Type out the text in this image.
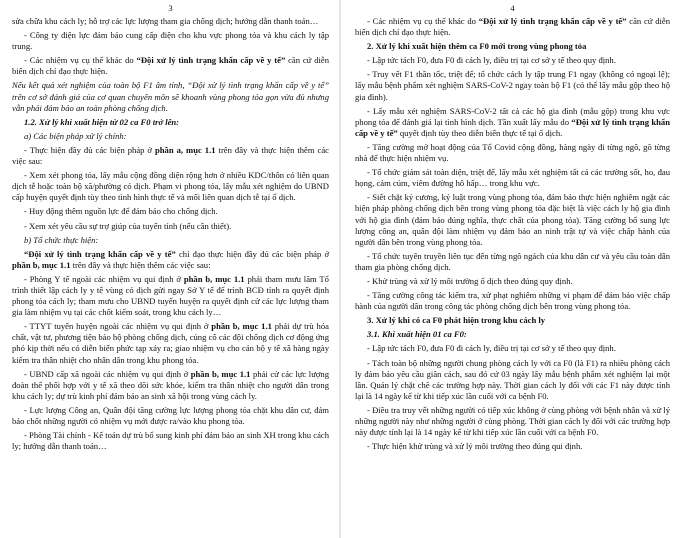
3

sửa chữa khu cách ly; hỗ trợ các lực lượng tham gia chống dịch; hướng dẫn thanh toán…

- Công ty điện lực đảm bảo cung cấp điện cho khu vực phong tỏa và khu cách ly tập trung.

- Các nhiệm vụ cụ thể khác do “Đội xử lý tình trạng khẩn cấp về y tế” căn cứ diễn biến dịch chỉ đạo thực hiện.

Nếu kết quả xét nghiệm của toàn bộ F1 âm tính, “Đội xử lý tình trạng khẩn cấp về y tế” trên cơ sở đánh giá của cơ quan chuyên môn sẽ khoanh vùng phong tỏa gọn vừa đủ nhưng vẫn phải đảm bảo an toàn phòng chống dịch.

1.2. Xử lý khi xuất hiện từ 02 ca F0 trở lên:

a) Các biện pháp xử lý chính:

- Thực hiện đầy đủ các biện pháp ở phần a, mục 1.1 trên đây và thực hiện thêm các việc sau:

- Xem xét phong tỏa, lấy mẫu cộng đồng diện rộng hơn ở nhiều KDC/thôn có liên quan dịch tễ hoặc toàn bộ xã/phường có dịch. Phạm vi phong tỏa, lấy mẫu xét nghiệm do UBND cấp huyện quyết định tùy theo tình hình thực tế và mối liên quan dịch tễ tại ổ dịch.

- Huy động thêm nguồn lực để đảm bảo cho chống dịch.

- Xem xét yêu cầu sự trợ giúp của tuyến tỉnh (nếu cần thiết).

b) Tổ chức thực hiện:

“Đội xử lý tình trạng khẩn cấp về y tế” chỉ đạo thực hiện đầy đủ các biện pháp ở phần b, mục 1.1 trên đây và thực hiện thêm các việc sau:

- Phòng Y tế ngoài các nhiệm vụ qui định ở phần b, mục 1.1 phải tham mưu lãm Tổ trình thiết lập cách ly y tế vùng có dịch gửi ngay Sở Y tế để trình BCĐ tỉnh ra quyết định phong tỏa cách ly; tham mưu cho UBND tuyến huyện ra quyết định cử các lực lượng tham gia làm nhiệm vụ tại các chốt kiểm soát, trong khu cách ly…

- TTYT tuyến huyện ngoài các nhiệm vụ qui định ở phần b, mục 1.1 phải dự trù hóa chất, vật tư, phương tiện bảo hộ phòng chống dịch, củng cố các đội chống dịch cơ động ứng phó kịp thời nếu có diễn biến phức tạp xảy ra; giao nhiệm vụ cho cán bộ y tế xã hàng ngày kiểm tra thân nhiệt cho nhân dân trong khu phong tỏa.

- UBND cấp xã ngoài các nhiệm vụ qui định ở phần b, mục 1.1 phải cử các lực lượng đoàn thể phối hợp với y tế xã theo dõi sức khỏe, kiểm tra thân nhiệt cho người dân trong khu cách ly; dự trù kinh phí đảm bảo an sinh xã hội trong vùng cách ly.

- Lực lượng Công an, Quân đội tăng cường lực lượng phong tỏa chặt khu dân cư, đảm bảo chốt những người có nhiệm vụ mới được ra/vào khu phong tỏa.

- Phòng Tài chính - Kế toán dự trù bổ sung kinh phí đảm bảo an sinh XH trong khu cách ly; hướng dẫn thanh toán…

4

- Các nhiệm vụ cụ thể khác do “Đội xử lý tình trạng khẩn cấp về y tế” căn cứ diễn biến dịch chỉ đạo thực hiện.

2. Xử lý khi xuất hiện thêm ca F0 mới trong vùng phong tỏa

- Lập tức tách F0, đưa F0 đi cách ly, điều trị tại cơ sở y tế theo quy định.

- Truy vết F1 thần tốc, triệt để; tổ chức cách ly tập trung F1 ngay (không có ngoại lệ); lấy mẫu bệnh phẩm xét nghiệm SARS-CoV-2 ngay toàn bộ F1 (có thể lấy mẫu gộp theo hộ gia đình).

- Lấy mẫu xét nghiệm SARS-CoV-2 tất cả các hộ gia đình (mẫu gộp) trong khu vực phong tỏa để đánh giá lại tình hình dịch. Tần xuất lấy mẫu do “Đội xử lý tình trạng khẩn cấp về y tế” quyết định tùy theo diễn biến thực tế tại ổ dịch.

- Tăng cường mở hoạt động của Tổ Covid cộng đồng, hàng ngày đi từng ngõ, gõ từng nhà để thực hiện nhiệm vụ.

- Tổ chức giám sát toàn diện, triệt để, lấy mẫu xét nghiệm tất cả các trường sốt, ho, đau họng, cảm cúm, viêm đường hô hấp… trong khu vực.

- Siết chặt kỷ cương, kỷ luật trong vùng phong tỏa, đảm bảo thực hiện nghiêm ngặt các biện pháp phòng chống dịch bên trong vùng phong tỏa đặc biệt là việc cách ly hộ gia đình với hộ gia đình (đảm bảo đúng nghĩa, thực chất của phong tỏa). Tăng cường bổ sung lực lượng công an, quân đội làm nhiệm vụ đảm bảo an ninh trật tự và việc chấp hành của người dân bên trong vùng phong tỏa.

- Tổ chức tuyên truyền liên tục đến từng ngõ ngách của khu dân cư và yêu cầu toàn dân tham gia phòng chống dịch.

- Khử trùng và xử lý môi trường ổ dịch theo đúng quy định.

- Tăng cường công tác kiểm tra, xử phạt nghiêm những vi phạm để đảm bảo việc chấp hành của người dân trong công tác phòng chống dịch bên trong vùng phong tỏa.

3. Xử lý khi có ca F0 phát hiện trong khu cách ly

3.1. Khi xuất hiện 01 ca F0:

- Lập tức tách F0, đưa F0 đi cách ly, điều trị tại cơ sở y tế theo quy định.

- Tách toàn bộ những người chung phòng cách ly với ca F0 (là F1) ra nhiều phòng cách ly đảm bảo yêu cầu giãn cách, sau đó cứ 03 ngày lấy mẫu bệnh phẩm xét nghiệm lại một lần. Quản lý chặt chẽ các trường hợp này. Thời gian cách ly đối với các F1 này được tính lại là 14 ngày kể từ khi tiếp xúc lần cuối với ca bệnh F0.

- Điều tra truy vết những người có tiếp xúc không ở cùng phòng với bệnh nhân và xử lý những người này như những người ở cùng phòng. Thời gian cách ly đối với các trường hợp này được tính lại là 14 ngày kể từ khi tiếp xúc lần cuối với ca bệnh F0.

- Thực hiện khử trùng và xử lý môi trường theo đúng qui định.
